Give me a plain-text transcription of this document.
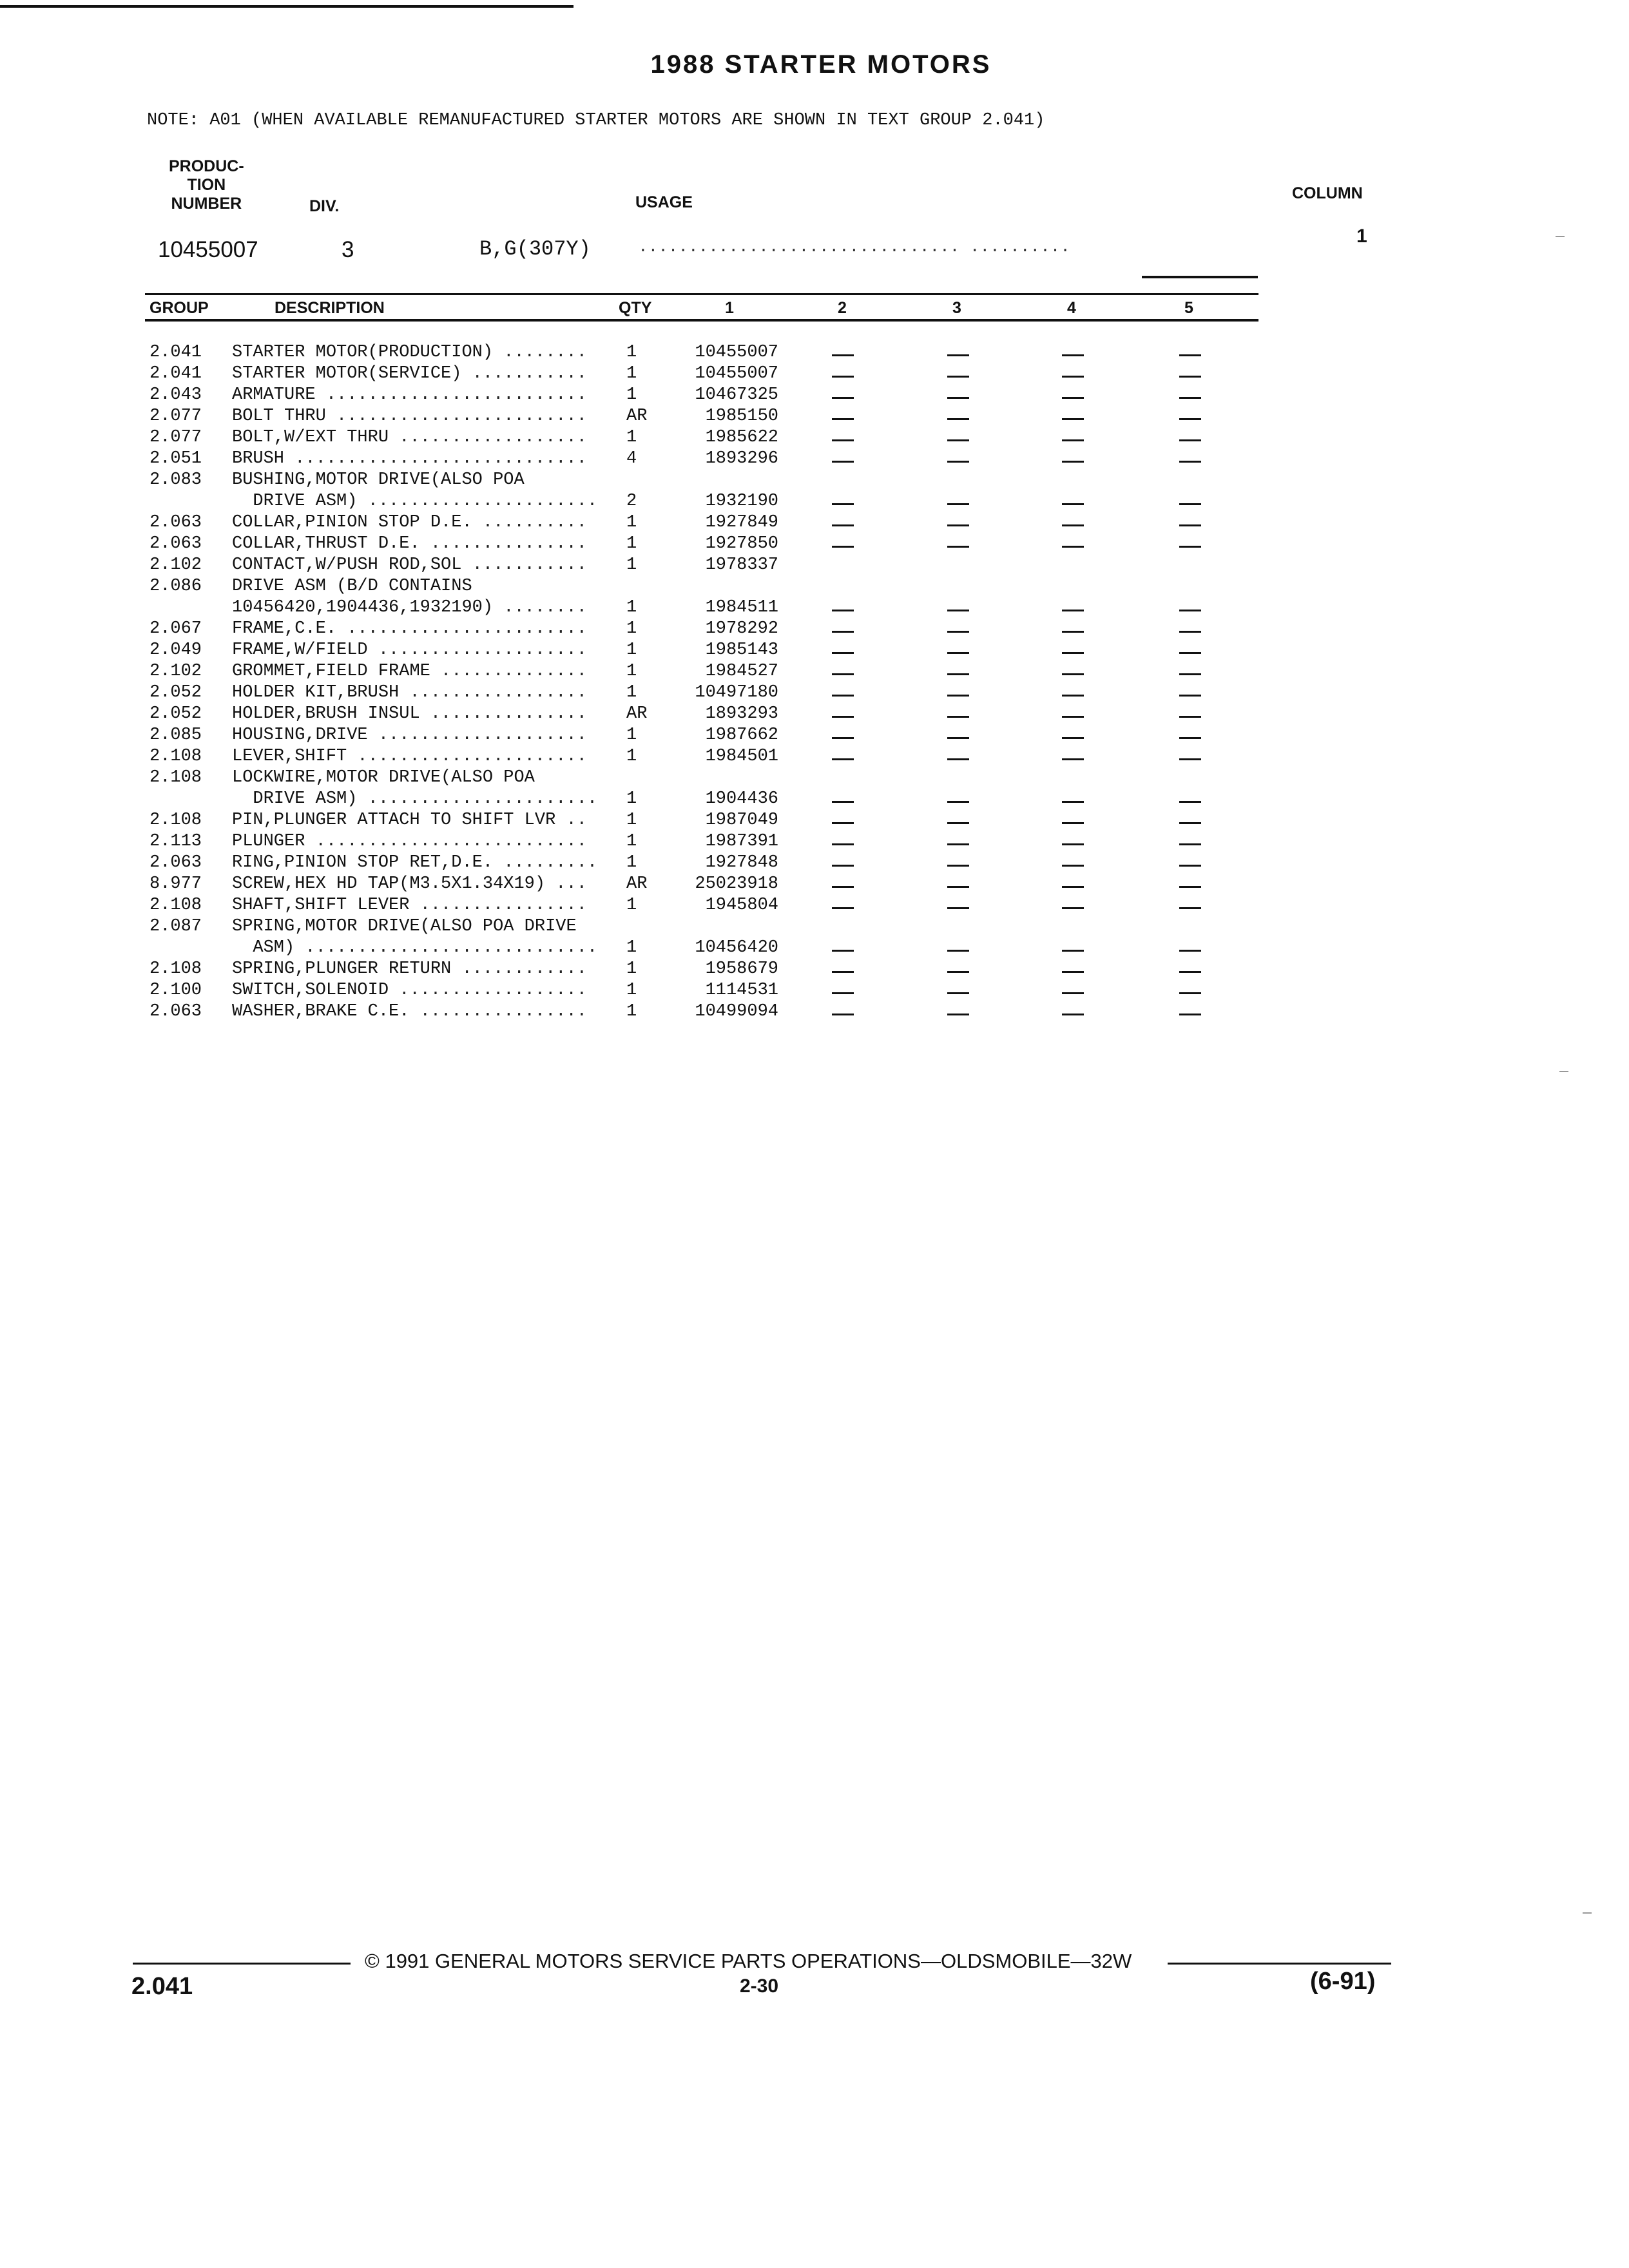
1988 STARTER MOTORS
NOTE: A01 (WHEN AVAILABLE REMANUFACTURED STARTER MOTORS ARE SHOWN IN TEXT GROUP 2.041)
PRODUC-
TION
NUMBER	DIV.	USAGE	COLUMN
10455007	3	B,G(307Y)	................................ ..........	1
GROUP	DESCRIPTION	QTY	1	2	3	4	5
2.041 STARTER MOTOR(PRODUCTION) ........ 1	10455007
2.041 STARTER MOTOR(SERVICE) ........... 1	10455007
2.043 ARMATURE ......................... 1	10467325
2.077 BOLT THRU ........................ AR	1985150
2.077 BOLT,W/EXT THRU .................. 1	1985622
2.051 BRUSH ............................ 4	1893296
2.083 BUSHING,MOTOR DRIVE(ALSO POA
DRIVE ASM) ...................... 2	1932190
2.063 COLLAR,PINION STOP D.E. .......... 1	1927849
2.063 COLLAR,THRUST D.E. ............... 1	1927850
2.102 CONTACT,W/PUSH ROD,SOL ........... 1	1978337
2.086 DRIVE ASM (B/D CONTAINS
10456420,1904436,1932190) ........ 1	1984511
2.067 FRAME,C.E. ....................... 1	1978292
2.049 FRAME,W/FIELD .................... 1	1985143
2.102 GROMMET,FIELD FRAME .............. 1	1984527
2.052 HOLDER KIT,BRUSH ................. 1	10497180
2.052 HOLDER,BRUSH INSUL ............... AR	1893293
2.085 HOUSING,DRIVE .................... 1	1987662
2.108 LEVER,SHIFT ...................... 1	1984501
2.108 LOCKWIRE,MOTOR DRIVE(ALSO POA
DRIVE ASM) ...................... 1	1904436
2.108 PIN,PLUNGER ATTACH TO SHIFT LVR .. 1	1987049
2.113 PLUNGER .......................... 1	1987391
2.063 RING,PINION STOP RET,D.E. ......... 1	1927848
8.977 SCREW,HEX HD TAP(M3.5X1.34X19) ... AR	25023918
2.108 SHAFT,SHIFT LEVER ................ 1	1945804
2.087 SPRING,MOTOR DRIVE(ALSO POA DRIVE
ASM) ............................ 1	10456420
2.108 SPRING,PLUNGER RETURN ............ 1	1958679
2.100 SWITCH,SOLENOID .................. 1	1114531
2.063 WASHER,BRAKE C.E. ................ 1	10499094
© 1991 GENERAL MOTORS SERVICE PARTS OPERATIONS—OLDSMOBILE—32W
2.041	2-30	(6-91)
